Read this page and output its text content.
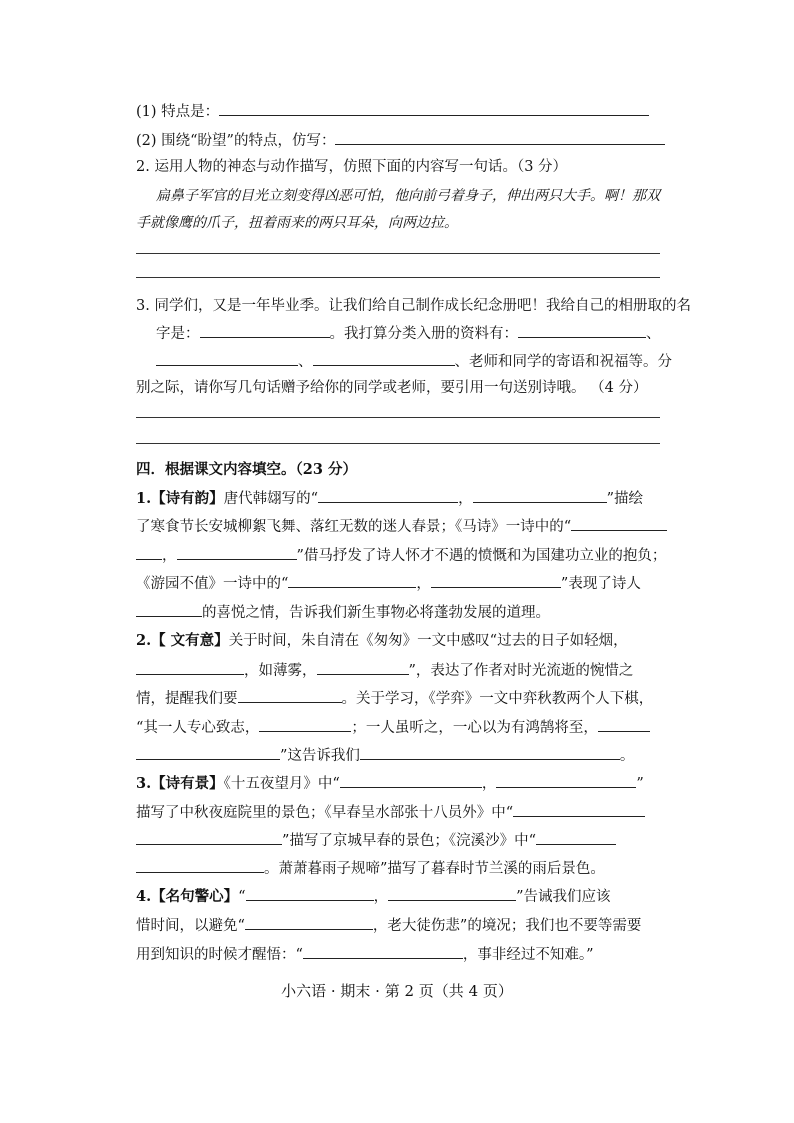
(1) 特点是：
(2) 围绕“盼望”的特点，仿写：
2. 运用人物的神态与动作描写，仿照下面的内容写一句话。（3 分）
扁鼻子军官的目光立刻变得凶恶可怕，他向前弓着身子，伸出两只大手。啊！那双
手就像鹰的爪子，扭着雨来的两只耳朵，向两边拉。
3. 同学们，又是一年毕业季。让我们给自己制作成长纪念册吧！我给自己的相册取的名
字是：	。我打算分类入册的资料有：	、
、	、老师和同学的寄语和祝福等。分
别之际，请你写几句话赠予给你的同学或老师，要引用一句送别诗哦。 （4 分）
四．根据课文内容填空。（23 分）
1.【诗有韵】唐代韩翃写的“	，	”描绘
了寒食节长安城柳絮飞舞、落红无数的迷人春景；《马诗》一诗中的“
，	”借马抒发了诗人怀才不遇的愤慨和为国建功立业的抱负；
《游园不值》一诗中的“	，	”表现了诗人
的喜悦之情，告诉我们新生事物必将蓬勃发展的道理。
2.【 文有意】关于时间，朱自清在《匆匆》一文中感叹“过去的日子如轻烟，
，如薄雾，	”，表达了作者对时光流逝的惋惜之
情，提醒我们要	。关于学习，《学弈》一文中弈秋教两个人下棋，
“其一人专心致志，	；一人虽听之，一心以为有鸿鹄将至，
”这告诉我们	。
3.【诗有景】《十五夜望月》中“	，	”
描写了中秋夜庭院里的景色；《早春呈水部张十八员外》中“
”描写了京城早春的景色；《浣溪沙》中“
。萧萧暮雨子规啼”描写了暮春时节兰溪的雨后景色。
4.【名句警心】“	，	”告诫我们应该
惜时间，以避免“	，老大徒伤悲”的境况；我们也不要等需要
用到知识的时候才醒悟：“	，事非经过不知难。”
小六语 · 期末 · 第 2 页（共 4 页）
